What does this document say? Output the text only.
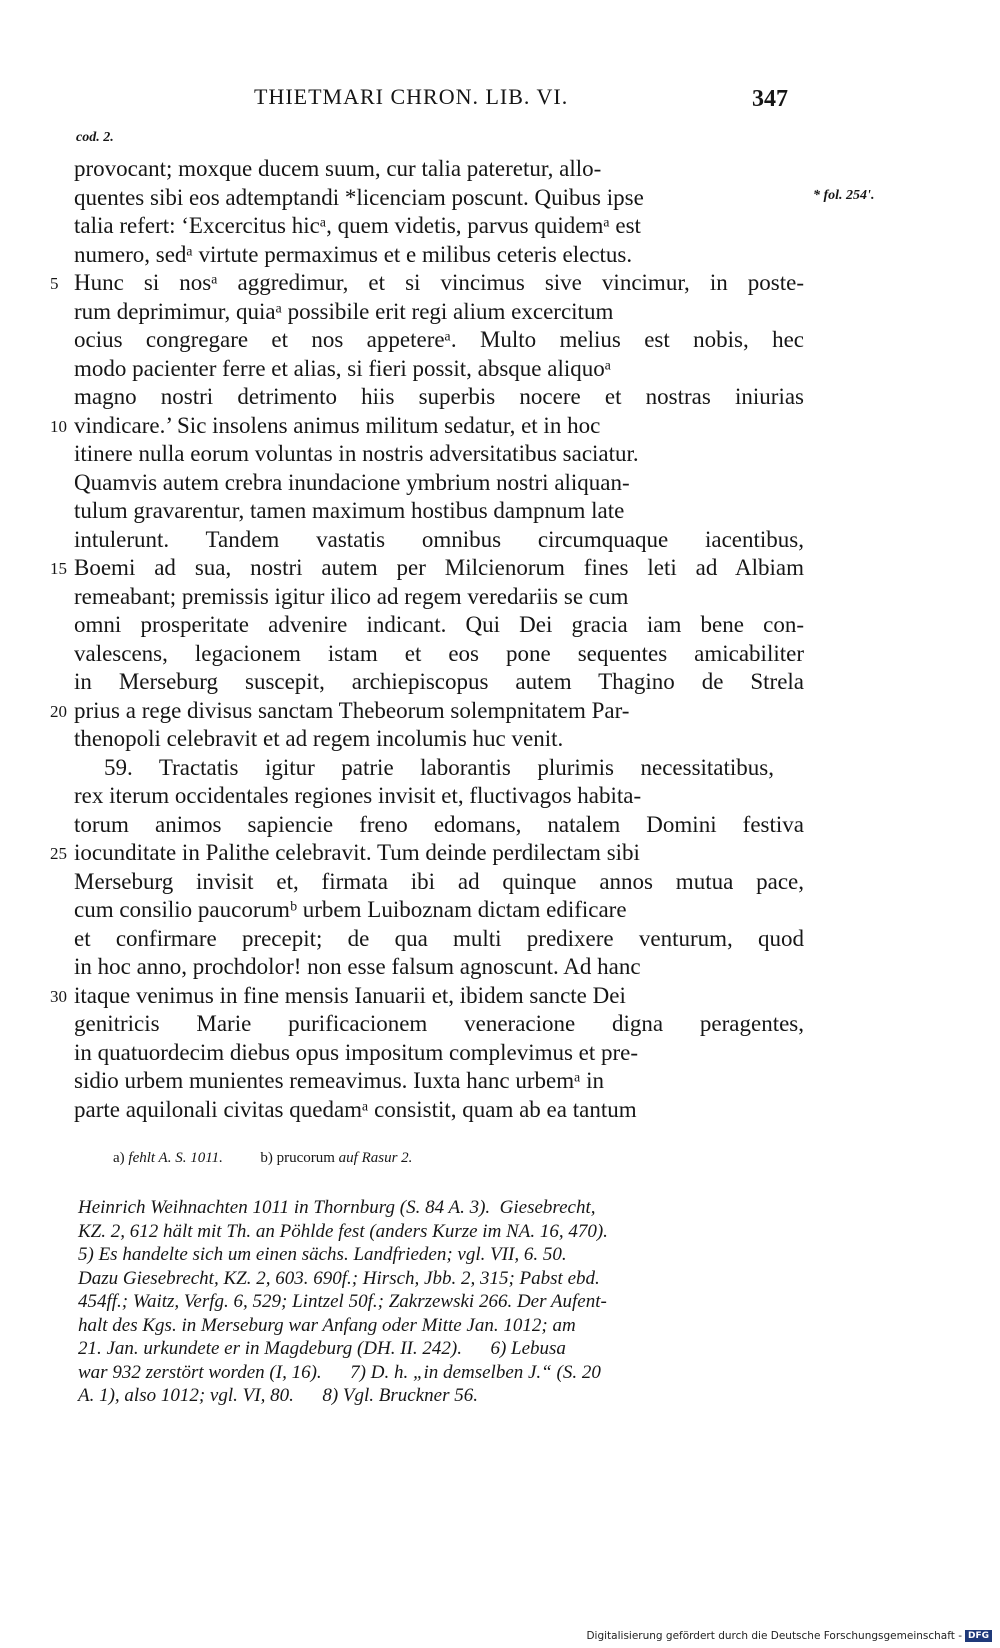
THIETMARI CHRON. LIB. VI.	347
cod. 2.
* fol. 254'.
provocant; moxque ducem suum, cur talia pateretur, allo-
quentes sibi eos adtemptandi *licenciam poscunt. Quibus ipse
talia refert: ‘Excercitus hicᵃ, quem videtis, parvus quidemᵃ est
numero, sedᵃ virtute permaximus et e milibus ceteris electus.
5 Hunc si nosᵃ aggredimur, et si vincimus sive vincimur, in poste-
rum deprimimur, quiaᵃ possibile erit regi alium excercitum
ocius congregare et nos appetereᵃ. Multo melius est nobis, hec
modo pacienter ferre et alias, si fieri possit, absque aliquoᵃ
magno nostri detrimento hiis superbis nocere et nostras iniurias
10 vindicare.’ Sic insolens animus militum sedatur, et in hoc
itinere nulla eorum voluntas in nostris adversitatibus saciatur.
Quamvis autem crebra inundacione ymbrium nostri aliquan-
tulum gravarentur, tamen maximum hostibus dampnum late
intulerunt. Tandem vastatis omnibus circumquaque iacentibus,
15 Boemi ad sua, nostri autem per Milcienorum fines leti ad Albiam
remeabant; premissis igitur ilico ad regem veredariis se cum
omni prosperitate advenire indicant. Qui Dei gracia iam bene con-
valescens, legacionem istam et eos pone sequentes amicabiliter
in Merseburg suscepit, archiepiscopus autem Thagino de Strela
20 prius a rege divisus sanctam Thebeorum solempnitatem Par-
thenopoli celebravit et ad regem incolumis huc venit.
59. Tractatis igitur patrie laborantis plurimis necessitatibus,
rex iterum occidentales regiones invisit et, fluctivagos habita-
torum animos sapiencie freno edomans, natalem Domini festiva
25 iocunditate in Palithe celebravit. Tum deinde perdilectam sibi
Merseburg invisit et, firmata ibi ad quinque annos mutua pace,
cum consilio paucorumᵇ urbem Luiboznam dictam edificare
et confirmare precepit; de qua multi predixere venturum, quod
in hoc anno, prochdolor! non esse falsum agnoscunt. Ad hanc
30 itaque venimus in fine mensis Ianuarii et, ibidem sancte Dei
genitricis Marie purificacionem veneracione digna peragentes,
in quatuordecim diebus opus impositum complevimus et pre-
sidio urbem munientes remeavimus. Iuxta hanc urbemᵃ in
parte aquilonali civitas quedamᵃ consistit, quam ab ea tantum
a) fehlt A. S. 1011.	b) prucorum auf Rasur 2.
Heinrich Weihnachten 1011 in Thornburg (S. 84 A. 3).  Giesebrecht,
KZ. 2, 612 hält mit Th. an Pöhlde fest (anders Kurze im NA. 16, 470).
5) Es handelte sich um einen sächs. Landfrieden; vgl. VII, 6. 50.
Dazu Giesebrecht, KZ. 2, 603. 690f.; Hirsch, Jbb. 2, 315; Pabst ebd.
454ff.; Waitz, Verfg. 6, 529; Lintzel 50f.; Zakrzewski 266. Der Aufent-
halt des Kgs. in Merseburg war Anfang oder Mitte Jan. 1012; am
21. Jan. urkundete er in Magdeburg (DH. II. 242).      6) Lebusa
war 932 zerstört worden (I, 16).      7) D. h. „in demselben J.“ (S. 20
A. 1), also 1012; vgl. VI, 80.      8) Vgl. Bruckner 56.
Digitalisierung gefördert durch die Deutsche Forschungsgemeinschaft - DFG
